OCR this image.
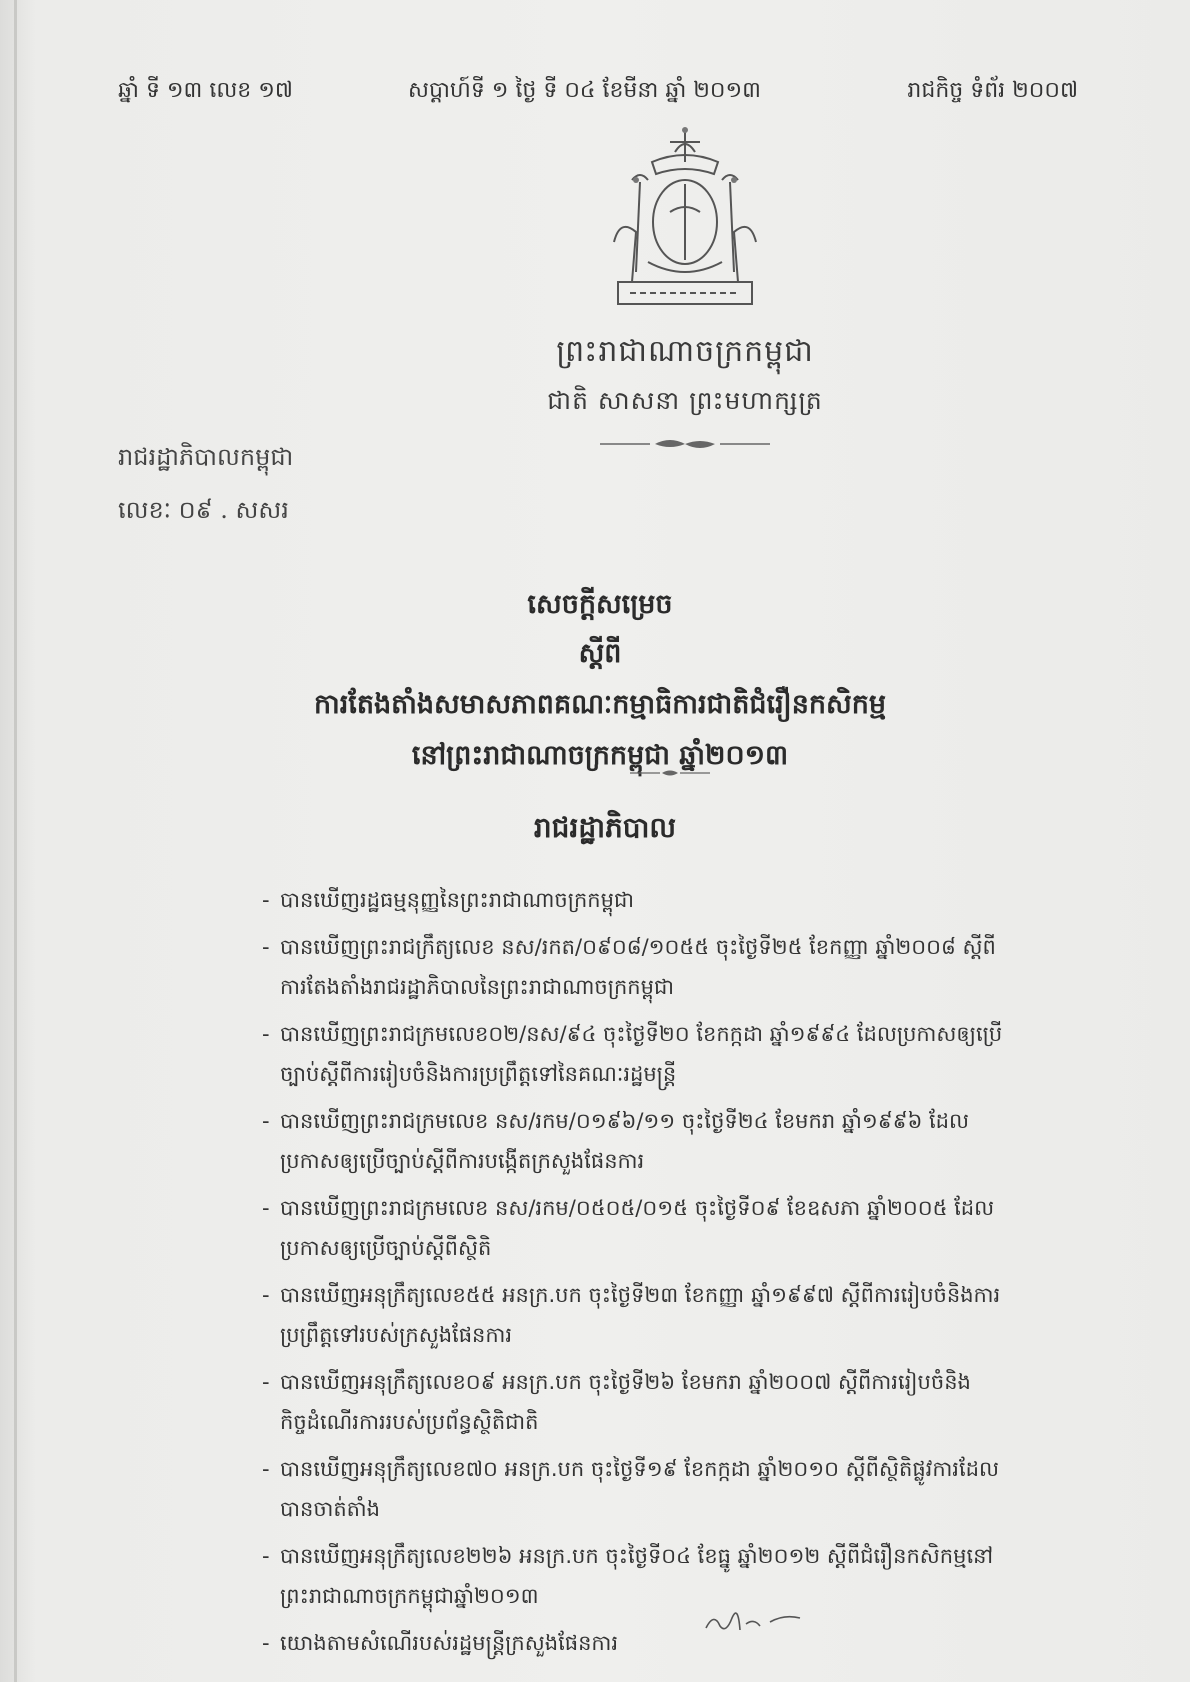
ឆ្នាំ ទី ១៣ លេខ ១៧	សប្តាហ៍ទី ១ ថ្ងៃ ទី ០៤ ខែមីនា ឆ្នាំ ២០១៣	រាជកិច្ច ទំព័រ ២០០៧
ព្រះរាជាណាចក្រកម្ពុជា
ជាតិ សាសនា ព្រះមហាក្សត្រ
រាជរដ្ឋាភិបាលកម្ពុជា
លេខៈ ០៩ . សសរ
សេចក្តីសម្រេច
ស្តីពី
ការតែងតាំងសមាសភាពគណៈកម្មាធិការជាតិជំរឿនកសិកម្ម
នៅព្រះរាជាណាចក្រកម្ពុជា ឆ្នាំ២០១៣
រាជរដ្ឋាភិបាល
- បានឃើញរដ្ឋធម្មនុញ្ញនៃព្រះរាជាណាចក្រកម្ពុជា
- បានឃើញព្រះរាជក្រឹត្យលេខ នស/រកត/០៩០៨/១០៥៥ ចុះថ្ងៃទី២៥ ខែកញ្ញា ឆ្នាំ២០០៨ ស្តីពី
ការតែងតាំងរាជរដ្ឋាភិបាលនៃព្រះរាជាណាចក្រកម្ពុជា
- បានឃើញព្រះរាជក្រមលេខ០២/នស/៩៤ ចុះថ្ងៃទី២០ ខែកក្កដា ឆ្នាំ១៩៩៤ ដែលប្រកាសឲ្យប្រើ
ច្បាប់ស្តីពីការរៀបចំនិងការប្រព្រឹត្តទៅនៃគណៈរដ្ឋមន្ត្រី
- បានឃើញព្រះរាជក្រមលេខ នស/រកម/០១៩៦/១១ ចុះថ្ងៃទី២៤ ខែមករា ឆ្នាំ១៩៩៦ ដែល
ប្រកាសឲ្យប្រើច្បាប់ស្តីពីការបង្កើតក្រសួងផែនការ
- បានឃើញព្រះរាជក្រមលេខ នស/រកម/០៥០៥/០១៥ ចុះថ្ងៃទី០៩ ខែឧសភា ឆ្នាំ២០០៥ ដែល
ប្រកាសឲ្យប្រើច្បាប់ស្តីពីស្ថិតិ
- បានឃើញអនុក្រឹត្យលេខ៥៥ អនក្រ.បក ចុះថ្ងៃទី២៣ ខែកញ្ញា ឆ្នាំ១៩៩៧ ស្តីពីការរៀបចំនិងការ
ប្រព្រឹត្តទៅរបស់ក្រសួងផែនការ
- បានឃើញអនុក្រឹត្យលេខ០៩ អនក្រ.បក ចុះថ្ងៃទី២៦ ខែមករា ឆ្នាំ២០០៧ ស្តីពីការរៀបចំនិង
កិច្ចដំណើរការរបស់ប្រព័ន្ធស្ថិតិជាតិ
- បានឃើញអនុក្រឹត្យលេខ៧០ អនក្រ.បក ចុះថ្ងៃទី១៩ ខែកក្កដា ឆ្នាំ២០១០ ស្តីពីស្ថិតិផ្លូវការដែល
បានចាត់តាំង
- បានឃើញអនុក្រឹត្យលេខ២២៦ អនក្រ.បក ចុះថ្ងៃទី០៤ ខែធ្នូ ឆ្នាំ២០១២ ស្តីពីជំរឿនកសិកម្មនៅ
ព្រះរាជាណាចក្រកម្ពុជាឆ្នាំ២០១៣
- យោងតាមសំណើរបស់រដ្ឋមន្ត្រីក្រសួងផែនការ
